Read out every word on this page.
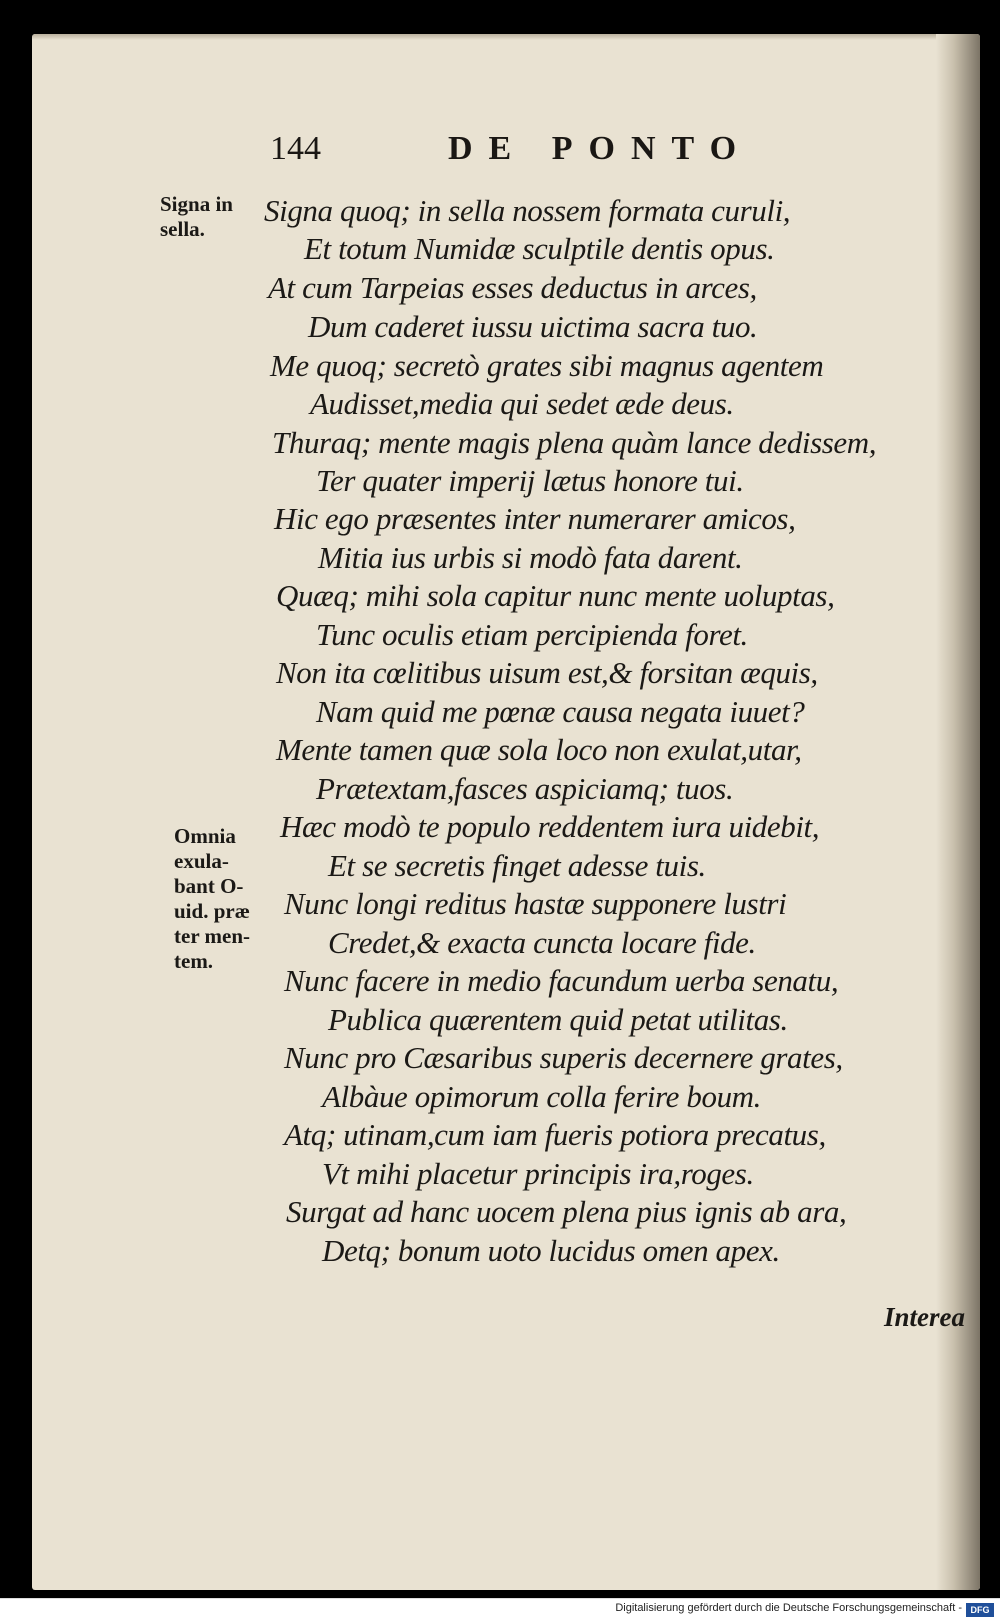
144	DE PONTO
Signa in
sella.
Omnia
exula-
bant O-
uid. præ
ter men-
tem.
Signa quoq; in sella nossem formata curuli,
Et totum Numidæ sculptile dentis opus.
At cum Tarpeias esses deductus in arces,
Dum caderet iussu uictima sacra tuo.
Me quoq; secretò grates sibi magnus agentem
Audisset,media qui sedet æde deus.
Thuraq; mente magis plena quàm lance dedissem,
Ter quater imperij lætus honore tui.
Hic ego præsentes inter numerarer amicos,
Mitia ius urbis si modò fata darent.
Quæq; mihi sola capitur nunc mente uoluptas,
Tunc oculis etiam percipienda foret.
Non ita cœlitibus uisum est,& forsitan æquis,
Nam quid me pœnæ causa negata iuuet?
Mente tamen quæ sola loco non exulat,utar,
Prætextam,fasces aspiciamq; tuos.
Hæc modò te populo reddentem iura uidebit,
Et se secretis finget adesse tuis.
Nunc longi reditus hastæ supponere lustri
Credet,& exacta cuncta locare fide.
Nunc facere in medio facundum uerba senatu,
Publica quærentem quid petat utilitas.
Nunc pro Cæsaribus superis decernere grates,
Albàue opimorum colla ferire boum.
Atq; utinam,cum iam fueris potiora precatus,
Vt mihi placetur principis ira,roges.
Surgat ad hanc uocem plena pius ignis ab ara,
Detq; bonum uoto lucidus omen apex.
Interea
Digitalisierung gefördert durch die Deutsche Forschungsgemeinschaft - DFG
